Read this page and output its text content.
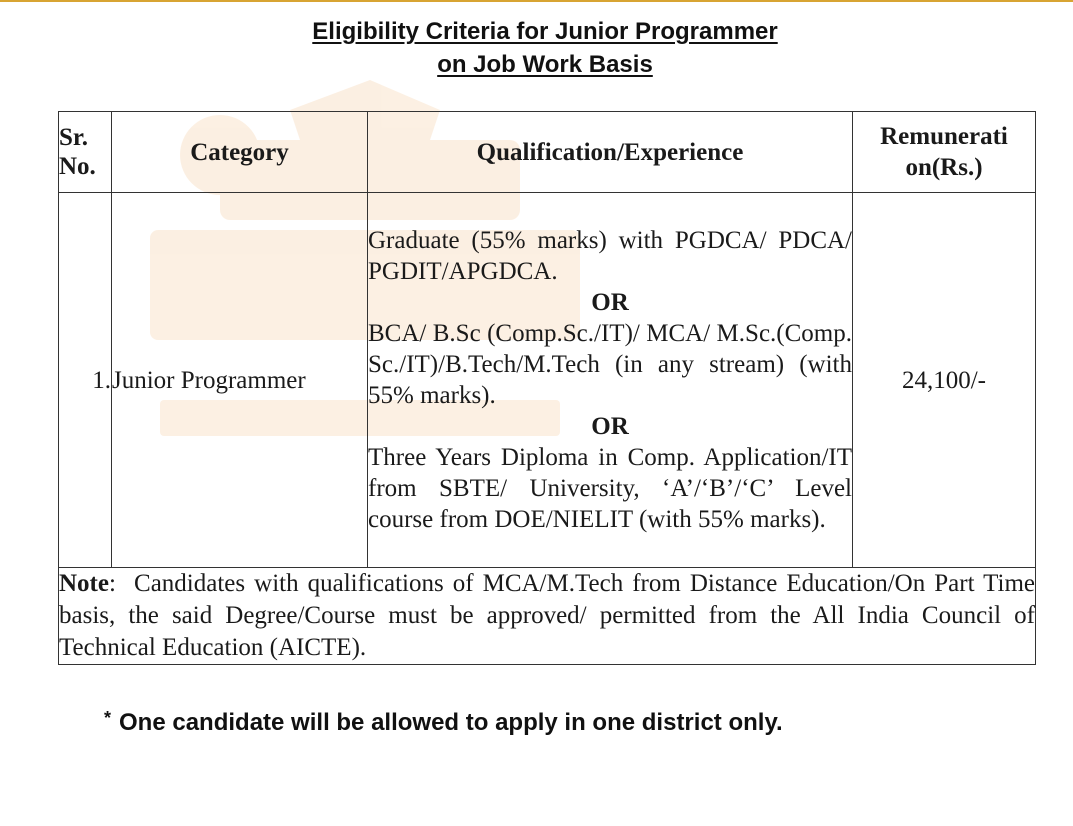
Eligibility Criteria for Junior Programmer
on Job Work Basis
Sr.
No.	Category	Qualification/Experience	Remunerati
on(Rs.)
1.	Junior Programmer	Graduate (55% marks) with PGDCA/ PDCA/ PGDIT/APGDCA.

OR

BCA/ B.Sc (Comp.Sc./IT)/ MCA/ M.Sc.(Comp. Sc./IT)/B.Tech/M.Tech (in any stream) (with 55% marks).

OR

Three Years Diploma in Comp. Application/IT from SBTE/ University, ‘A’/‘B’/‘C’ Level course from DOE/NIELIT (with 55% marks).	24,100/-
Note:  Candidates with qualifications of MCA/M.Tech from Distance Education/On Part Time basis, the said Degree/Course must be approved/ permitted from the All India Council of Technical Education (AICTE).			
* One candidate will be allowed to apply in one district only.
